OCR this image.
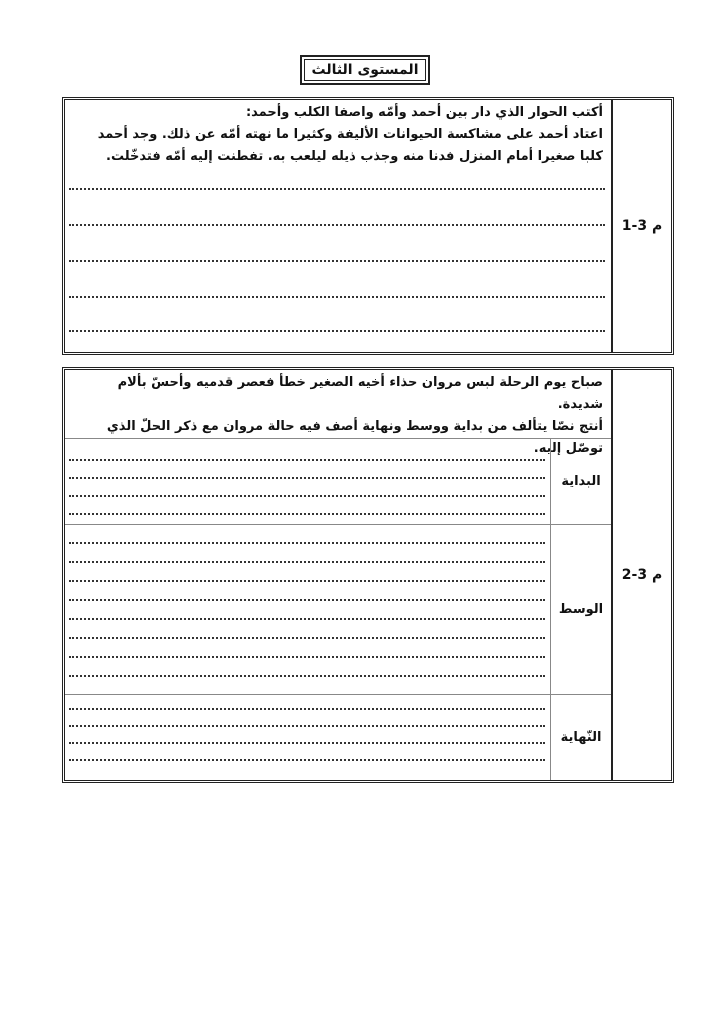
المستوى الثالث
م 3-1
أكتب الحوار الذي دار بين أحمد وأمّه واصفا الكلب وأحمد:
اعتاد أحمد على مشاكسة الحيوانات الأليفة وكثيرا ما نهته أمّه عن ذلك. وجد أحمد كلبا صغيرا أمام المنزل فدنا منه وجذب ذيله ليلعب به. تفطنت إليه أمّه فتدخّلت.
م 3-2
صباح يوم الرحلة لبس مروان حذاء أخيه الصغير خطأ فعصر قدميه وأحسّ بألام شديدة.
أنتج نصّا يتألف من بداية ووسط ونهاية أصف فيه حالة مروان مع ذكر الحلّ الذي توصّل إليه.
البداية
الوسط
النّهاية
